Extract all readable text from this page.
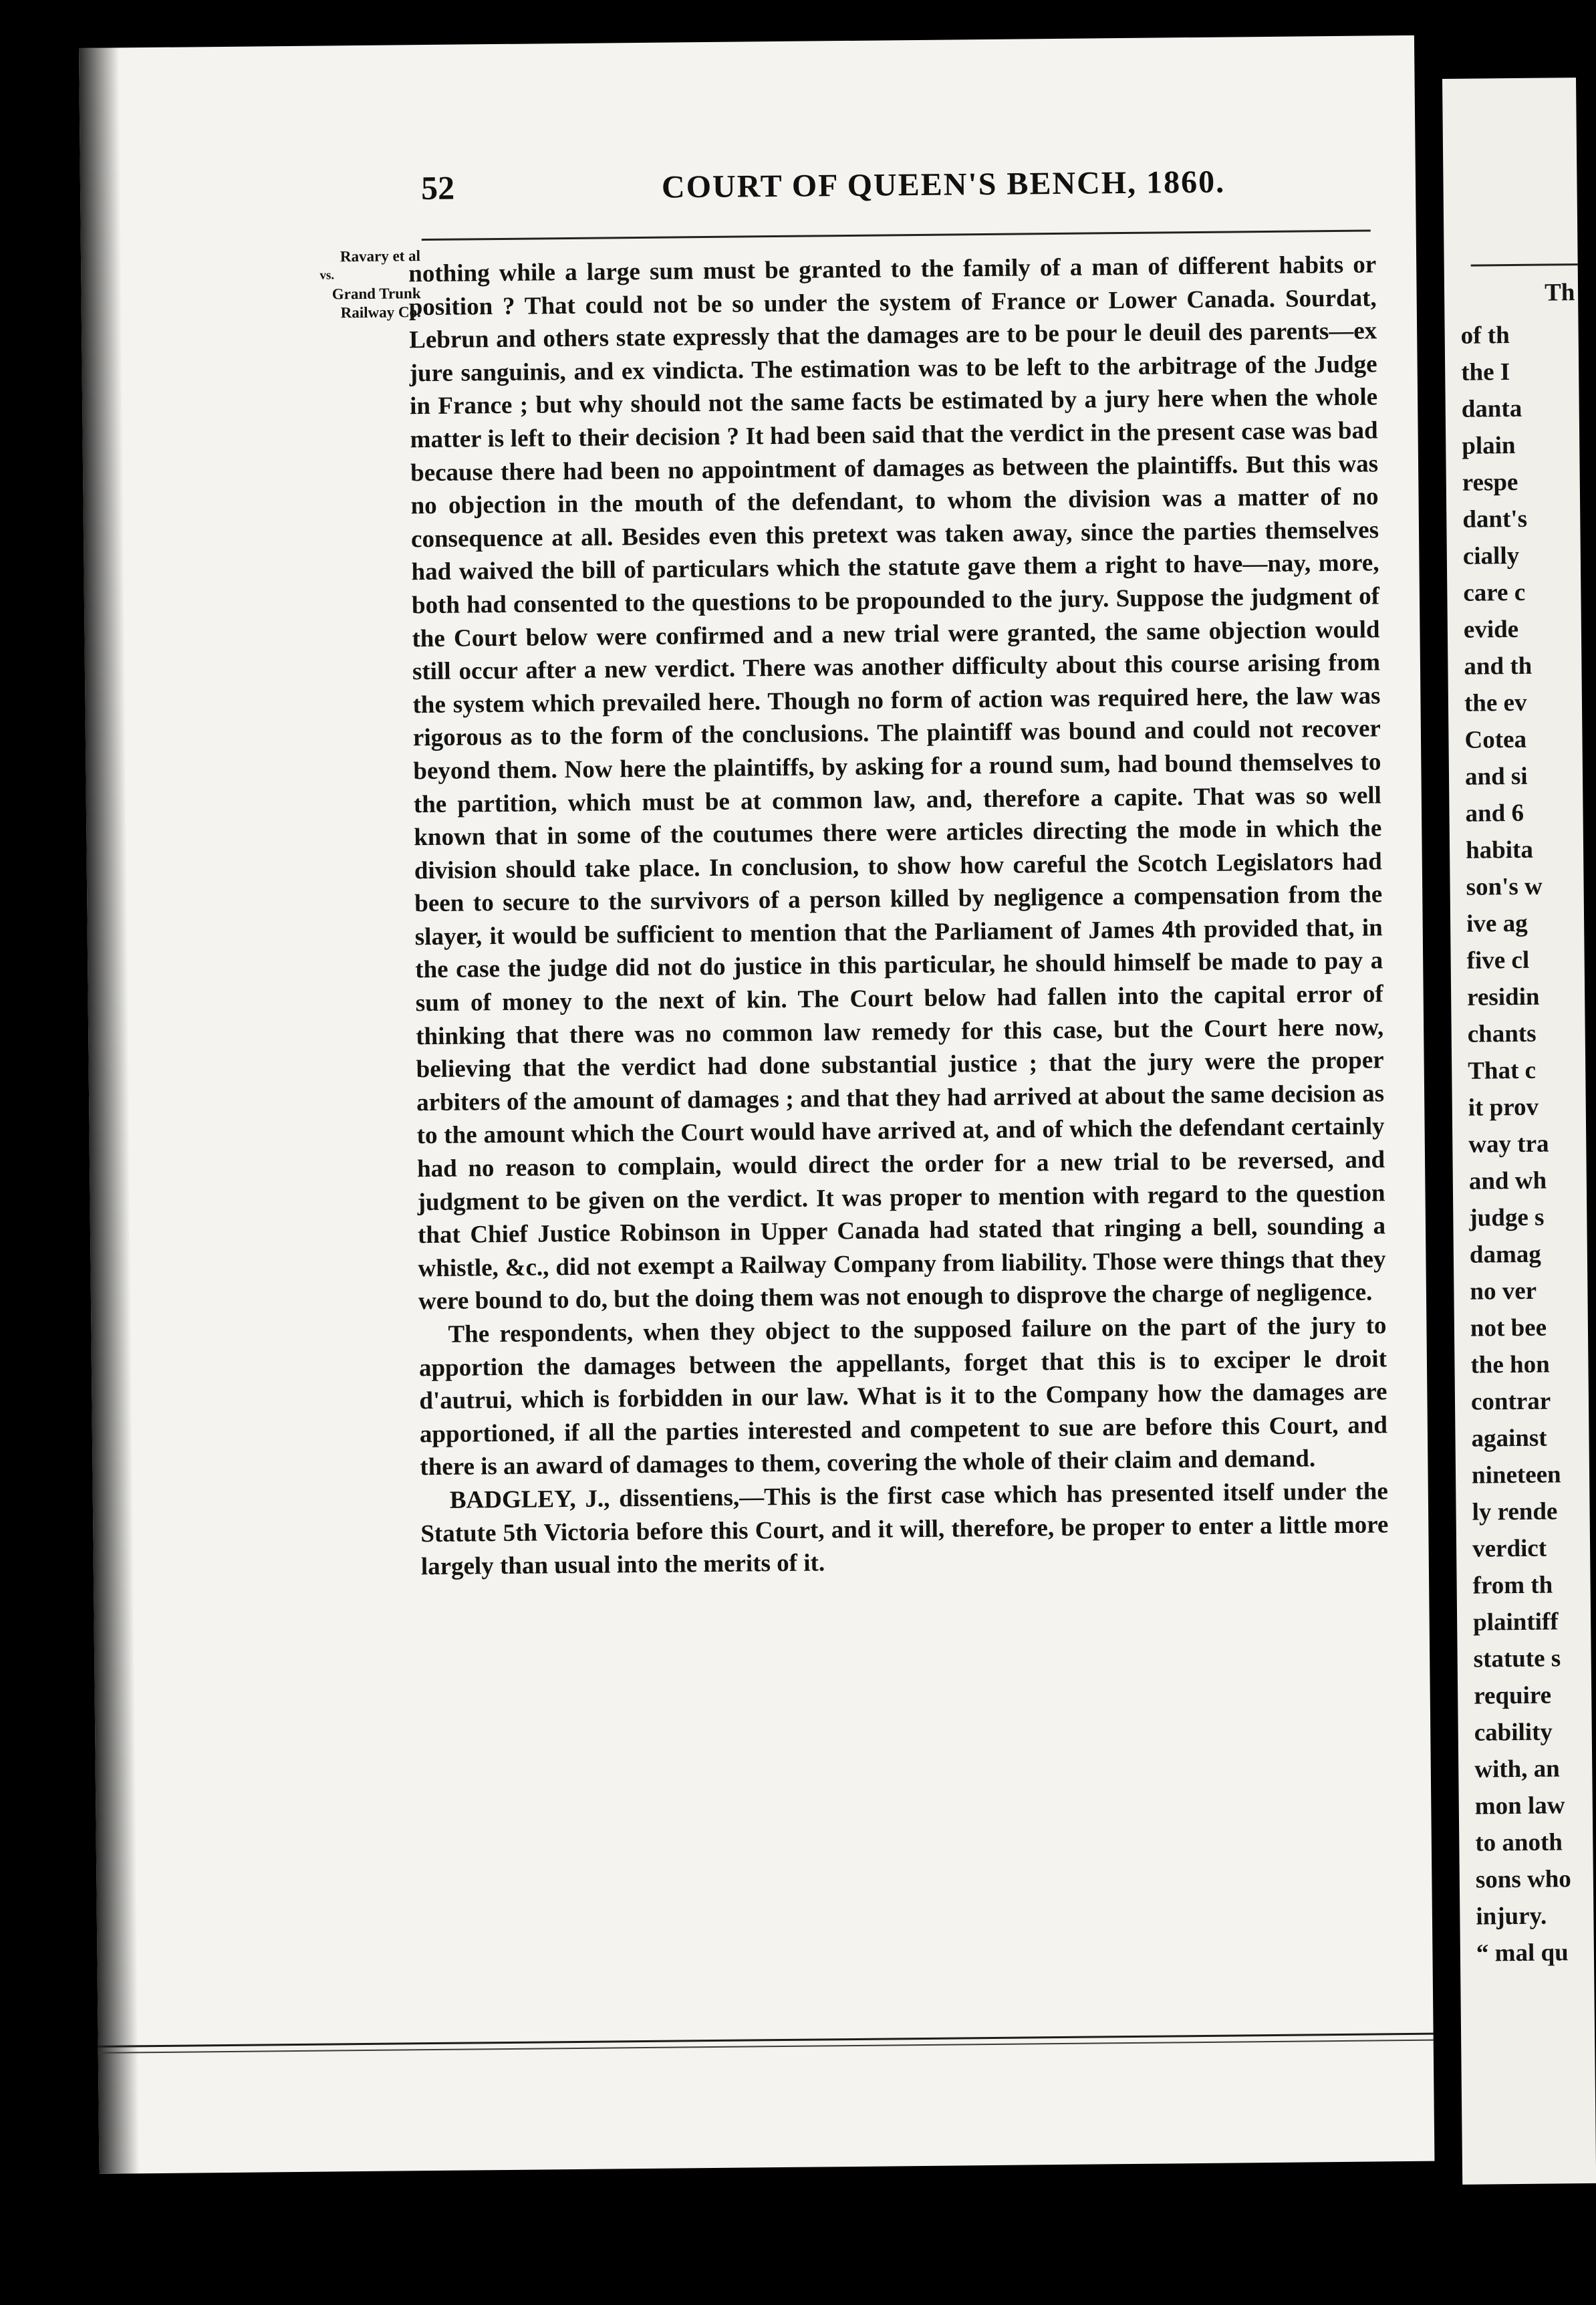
52	COURT OF QUEEN'S BENCH, 1860.
Ravary et al
vs.
Grand Trunk
Railway Co.

nothing while a large sum must be granted to the family of a man of different habits or position ? That could not be so under the system of France or Lower Canada. Sourdat, Lebrun and others state expressly that the damages are to be pour le deuil des parents—ex jure sanguinis, and ex vindicta. The estimation was to be left to the arbitrage of the Judge in France ; but why should not the same facts be estimated by a jury here when the whole matter is left to their decision ? It had been said that the verdict in the present case was bad because there had been no appointment of damages as between the plaintiffs. But this was no objection in the mouth of the defendant, to whom the division was a matter of no consequence at all. Besides even this pretext was taken away, since the parties themselves had waived the bill of particulars which the statute gave them a right to have—nay, more, both had consented to the questions to be propounded to the jury. Suppose the judgment of the Court below were confirmed and a new trial were granted, the same objection would still occur after a new verdict. There was another difficulty about this course arising from the system which prevailed here. Though no form of action was required here, the law was rigorous as to the form of the conclusions. The plaintiff was bound and could not recover beyond them. Now here the plaintiffs, by asking for a round sum, had bound themselves to the partition, which must be at common law, and, therefore a capite. That was so well known that in some of the coutumes there were articles directing the mode in which the division should take place. In conclusion, to show how careful the Scotch Legislators had been to secure to the survivors of a person killed by negligence a compensation from the slayer, it would be sufficient to mention that the Parliament of James 4th provided that, in the case the judge did not do justice in this particular, he should himself be made to pay a sum of money to the next of kin. The Court below had fallen into the capital error of thinking that there was no common law remedy for this case, but the Court here now, believing that the verdict had done substantial justice ; that the jury were the proper arbiters of the amount of damages ; and that they had arrived at about the same decision as to the amount which the Court would have arrived at, and of which the defendant certainly had no reason to complain, would direct the order for a new trial to be reversed, and judgment to be given on the verdict. It was proper to mention with regard to the question that Chief Justice Robinson in Upper Canada had stated that ringing a bell, sounding a whistle, &c., did not exempt a Railway Company from liability. Those were things that they were bound to do, but the doing them was not enough to disprove the charge of negligence.

The respondents, when they object to the supposed failure on the part of the jury to apportion the damages between the appellants, forget that this is to exciper le droit d'autrui, which is forbidden in our law. What is it to the Company how the damages are apportioned, if all the parties interested and competent to sue are before this Court, and there is an award of damages to them, covering the whole of their claim and demand.

BADGLEY, J., dissentiens,—This is the first case which has presented itself under the Statute 5th Victoria before this Court, and it will, therefore, be proper to enter a little more largely than usual into the merits of it.

Th
of th
the I
danta
plain
respe
dant's
cially
care c
evide
and th
the ev
Cotea
and si
and 6
habita
son's w
ive ag
five cl
residin
chants
That c
it prov
way tra
and wh
judge s
damag
no ver
not bee
the hon
contrar
against
nineteen
ly rende
verdict
from th
plaintiff
statute s
require
cability
with, an
mon law
to anoth
sons who
injury.
“ mal qu
